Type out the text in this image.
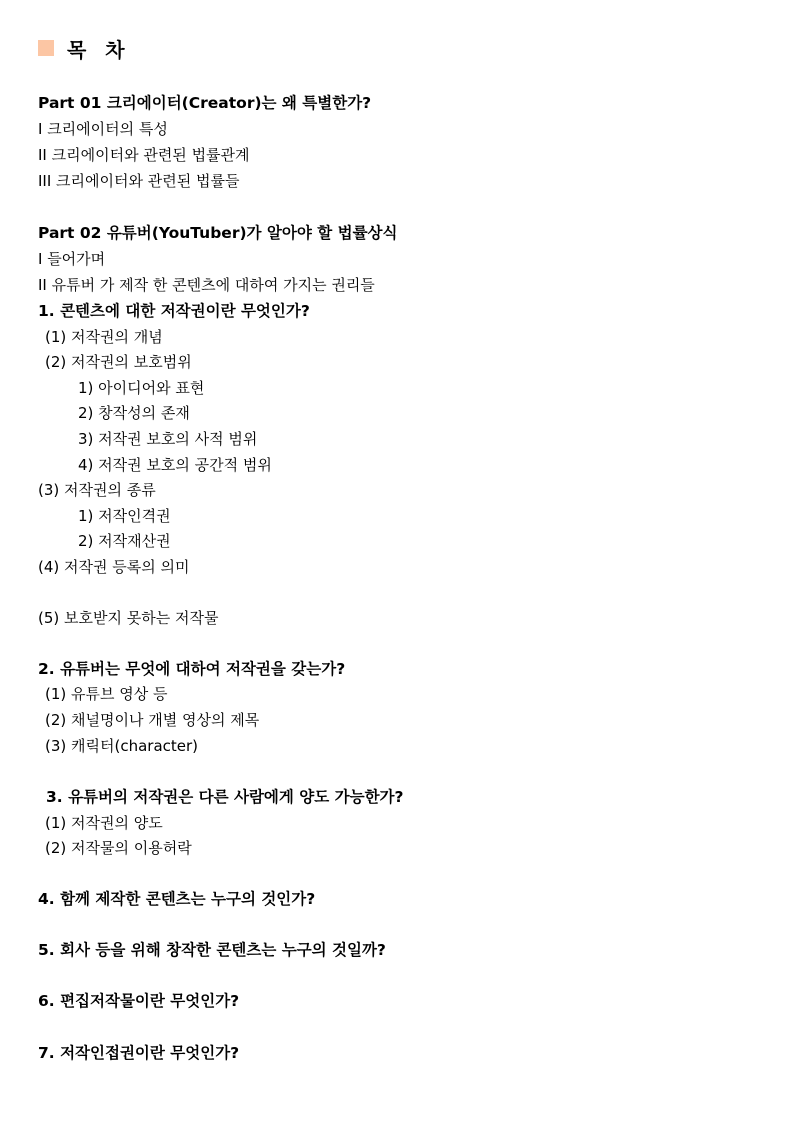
목 차
Part 01 크리에이터(Creator)는 왜 특별한가?
I 크리에이터의 특성
II 크리에이터와 관련된 법률관계
III 크리에이터와 관련된 법률들
Part 02 유튜버(YouTuber)가 알아야 할 법률상식
I 들어가며
II 유튜버 가 제작 한 콘텐츠에 대하여 가지는 권리들
1. 콘텐츠에 대한 저작권이란 무엇인가?
(1) 저작권의 개념
(2) 저작권의 보호범위
1) 아이디어와 표현
2) 창작성의 존재
3) 저작권 보호의 사적 범위
4) 저작권 보호의 공간적 범위
(3) 저작권의 종류
1) 저작인격권
2) 저작재산권
(4) 저작권 등록의 의미
(5) 보호받지 못하는 저작물
2. 유튜버는 무엇에 대하여 저작권을 갖는가?
(1) 유튜브 영상 등
(2) 채널명이나 개별 영상의 제목
(3) 캐릭터(character)
3. 유튜버의 저작권은 다른 사람에게 양도 가능한가?
(1) 저작권의 양도
(2) 저작물의 이용허락
4. 함께 제작한 콘텐츠는 누구의 것인가?
5. 회사 등을 위해 창작한 콘텐츠는 누구의 것일까?
6. 편집저작물이란 무엇인가?
7. 저작인접권이란 무엇인가?
